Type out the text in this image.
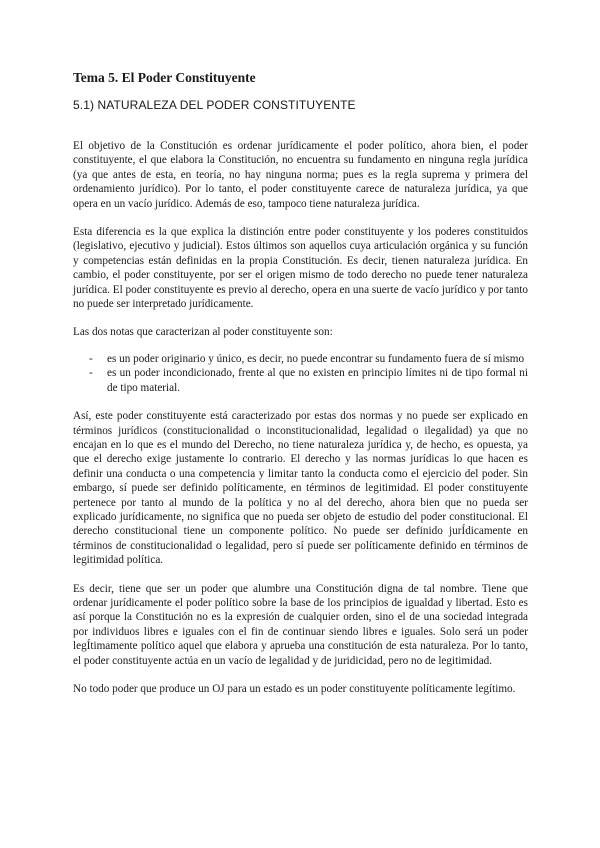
Tema 5. El Poder Constituyente
5.1) NATURALEZA DEL PODER CONSTITUYENTE

El objetivo de la Constitución es ordenar jurídicamente el poder político, ahora bien, el poder constituyente, el que elabora la Constitución, no encuentra su fundamento en ninguna regla jurídica (ya que antes de esta, en teoría, no hay ninguna norma; pues es la regla suprema y primera del ordenamiento jurídico). Por lo tanto, el poder constituyente carece de naturaleza jurídica, ya que opera en un vacío jurídico. Además de eso, tampoco tiene naturaleza jurídica.

Esta diferencia es la que explica la distinción entre poder constituyente y los poderes constituidos (legislativo, ejecutivo y judicial). Estos últimos son aquellos cuya articulación orgánica y su función y competencias están definidas en la propia Constitución. Es decir, tienen naturaleza jurídica. En cambio, el poder constituyente, por ser el origen mismo de todo derecho no puede tener naturaleza jurídica. El poder constituyente es previo al derecho, opera en una suerte de vacío jurídico y por tanto no puede ser interpretado jurídicamente.

Las dos notas que caracterizan al poder constituyente son:

- es un poder originario y único, es decir, no puede encontrar su fundamento fuera de sí mismo
- es un poder incondicionado, frente al que no existen en principio límites ni de tipo formal ni de tipo material.

Así, este poder constituyente está caracterizado por estas dos normas y no puede ser explicado en términos jurídicos (constitucionalidad o inconstitucionalidad, legalidad o ilegalidad) ya que no encajan en lo que es el mundo del Derecho, no tiene naturaleza jurídica y, de hecho, es opuesta, ya que el derecho exige justamente lo contrario. El derecho y las normas jurídicas lo que hacen es definir una conducta o una competencia y limitar tanto la conducta como el ejercicio del poder. Sin embargo, sí puede ser definido políticamente, en términos de legitimidad. El poder constituyente pertenece por tanto al mundo de la política y no al del derecho, ahora bien que no pueda ser explicado jurídicamente, no significa que no pueda ser objeto de estudio del poder constitucional. El derecho constitucional tiene un componente político. No puede ser definido jurÍdicamente en términos de constitucionalidad o legalidad, pero sí puede ser políticamente definido en términos de legitimidad política.

Es decir, tiene que ser un poder que alumbre una Constitución digna de tal nombre. Tiene que ordenar jurídicamente el poder político sobre la base de los principios de igualdad y libertad. Esto es así porque la Constitución no es la expresión de cualquier orden, sino el de una sociedad integrada por individuos libres e iguales con el fin de continuar siendo libres e iguales. Solo será un poder legÍtimamente político aquel que elabora y aprueba una constitución de esta naturaleza. Por lo tanto, el poder constituyente actúa en un vacío de legalidad y de juridicidad, pero no de legitimidad.

No todo poder que produce un OJ para un estado es un poder constituyente políticamente legítimo.
